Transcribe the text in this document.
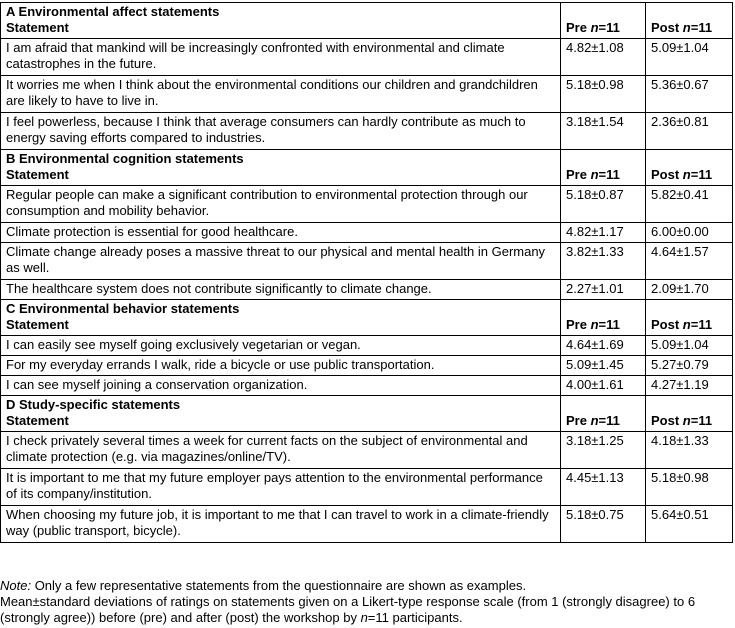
A Environmental affect statements
Statement	Pre n=11	Post n=11
I am afraid that mankind will be increasingly confronted with environmental and climate catastrophes in the future.	4.82±1.08	5.09±1.04
It worries me when I think about the environmental conditions our children and grandchildren are likely to have to live in.	5.18±0.98	5.36±0.67
I feel powerless, because I think that average consumers can hardly contribute as much to energy saving efforts compared to industries.	3.18±1.54	2.36±0.81

B Environmental cognition statements
Statement	Pre n=11	Post n=11
Regular people can make a significant contribution to environmental protection through our consumption and mobility behavior.	5.18±0.87	5.82±0.41
Climate protection is essential for good healthcare.	4.82±1.17	6.00±0.00
Climate change already poses a massive threat to our physical and mental health in Germany as well.	3.82±1.33	4.64±1.57
The healthcare system does not contribute significantly to climate change.	2.27±1.01	2.09±1.70

C Environmental behavior statements
Statement	Pre n=11	Post n=11
I can easily see myself going exclusively vegetarian or vegan.	4.64±1.69	5.09±1.04
For my everyday errands I walk, ride a bicycle or use public transportation.	5.09±1.45	5.27±0.79
I can see myself joining a conservation organization.	4.00±1.61	4.27±1.19

D Study-specific statements
Statement	Pre n=11	Post n=11
I check privately several times a week for current facts on the subject of environmental and climate protection (e.g. via magazines/online/TV).	3.18±1.25	4.18±1.33
It is important to me that my future employer pays attention to the environmental performance of its company/institution.	4.45±1.13	5.18±0.98
When choosing my future job, it is important to me that I can travel to work in a climate-friendly way (public transport, bicycle).	5.18±0.75	5.64±0.51
Note: Only a few representative statements from the questionnaire are shown as examples.
Mean±standard deviations of ratings on statements given on a Likert-type response scale (from 1 (strongly disagree) to 6 (strongly agree)) before (pre) and after (post) the workshop by n=11 participants.
